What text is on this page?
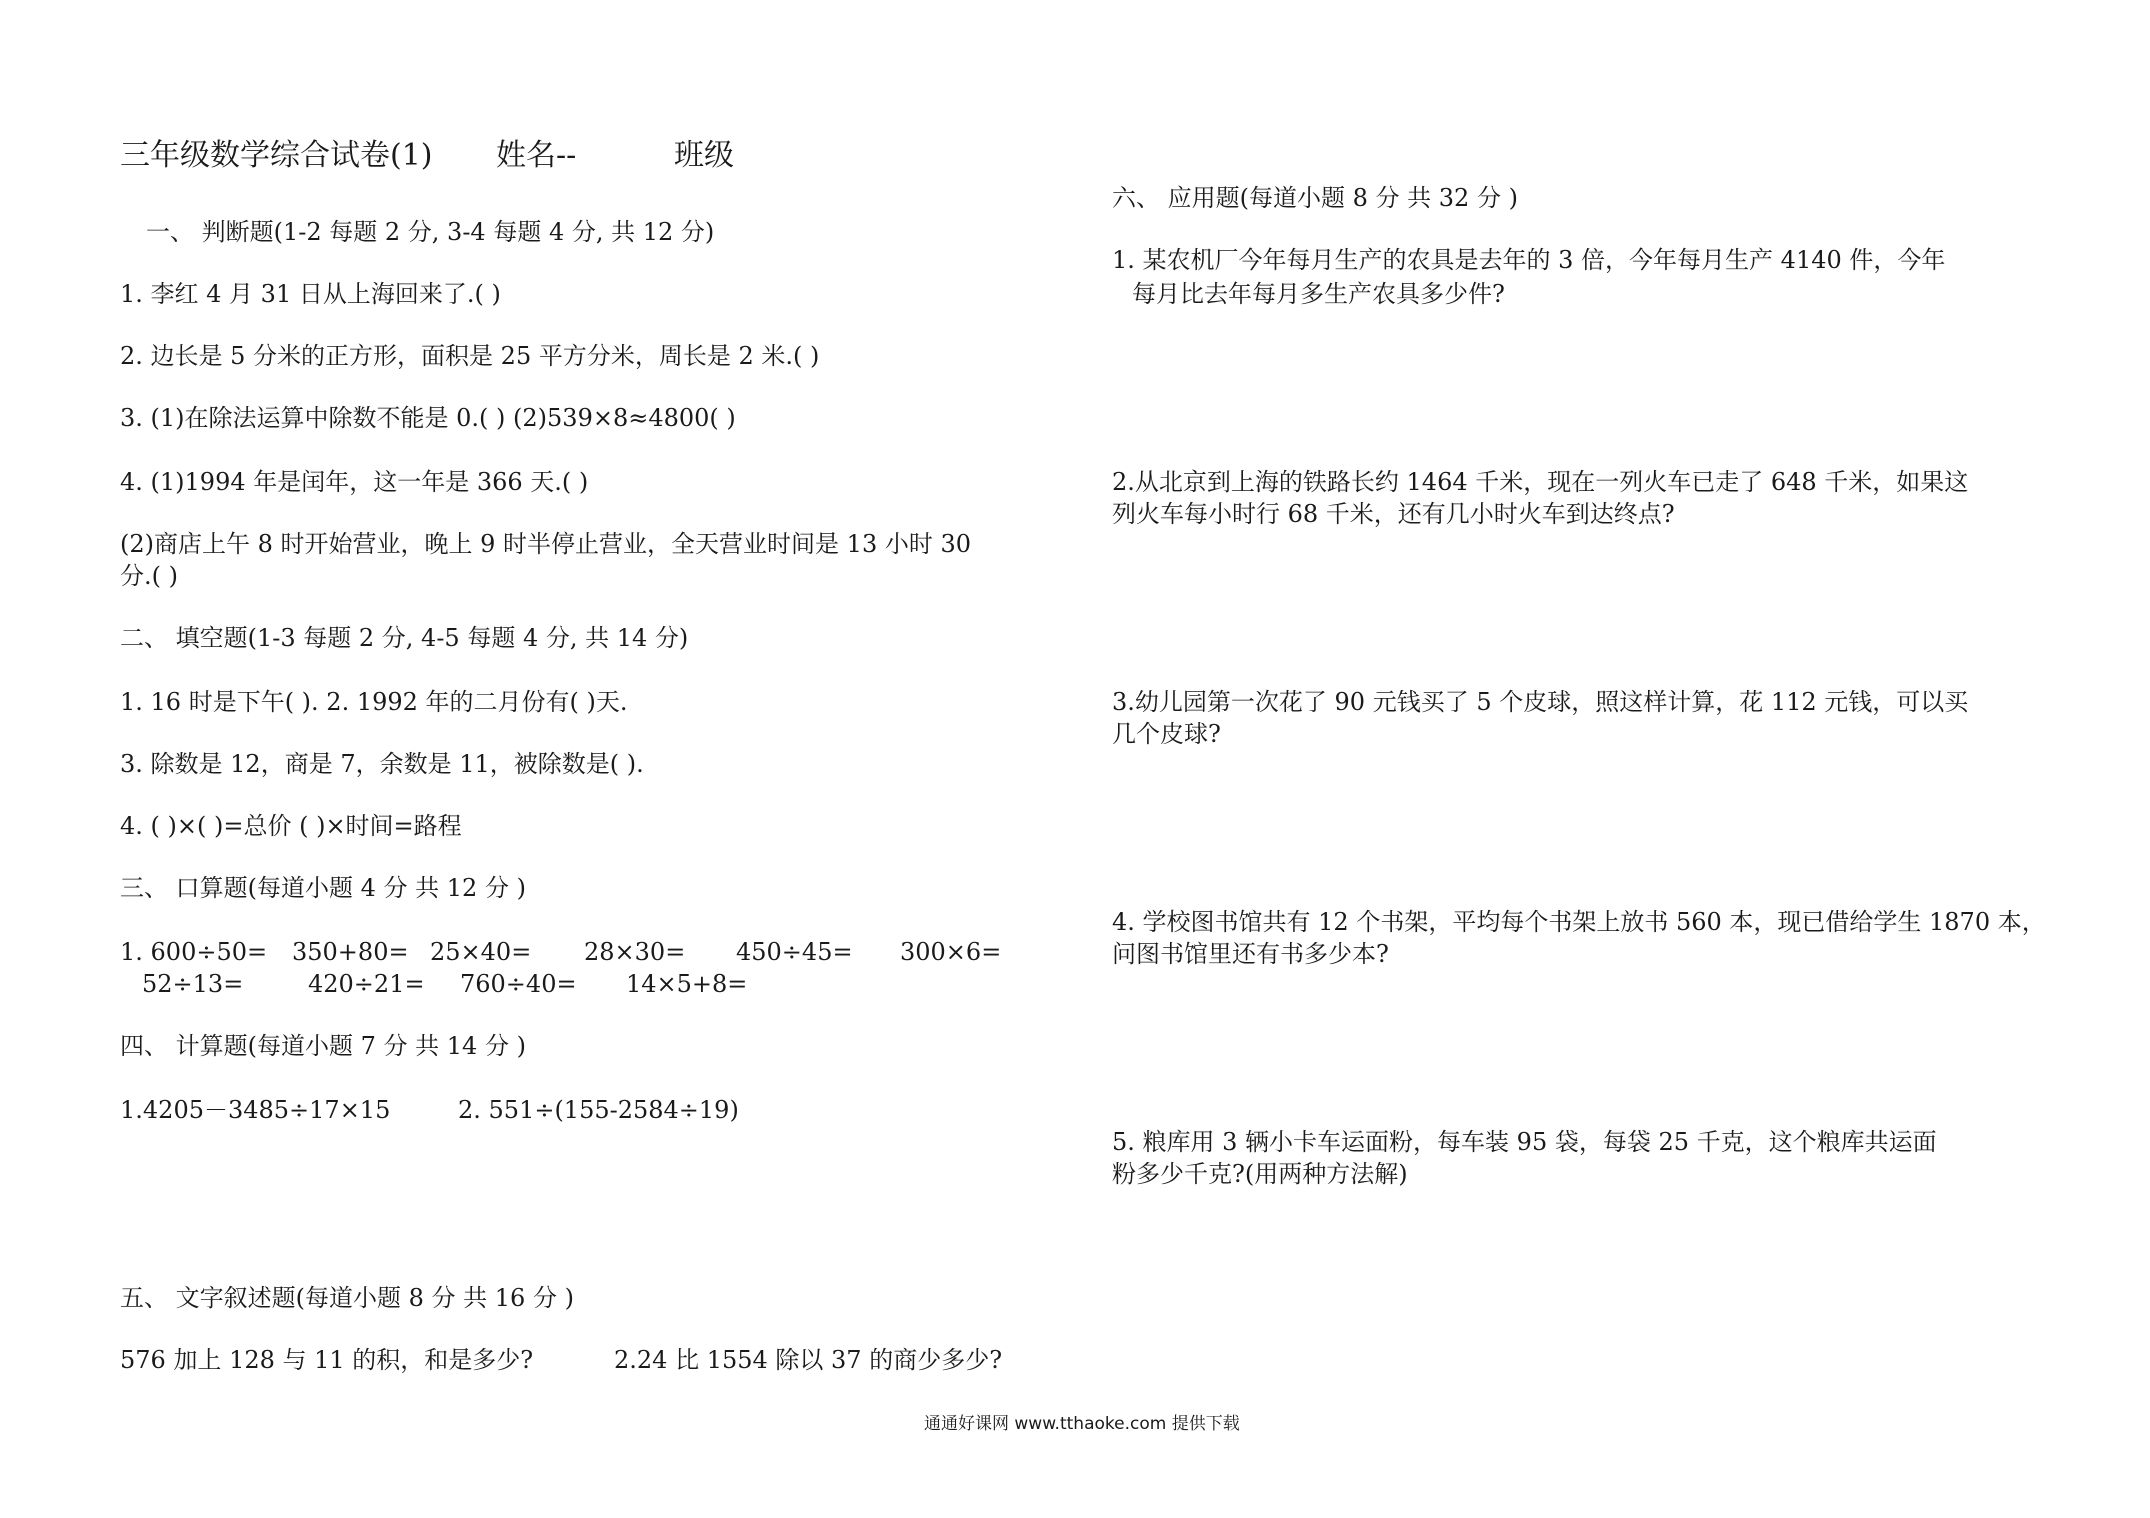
三年级数学综合试卷(1) 姓名--	班级
一、 判断题(1-2 每题 2 分, 3-4 每题 4 分, 共 12 分)
1. 李红 4 月 31 日从上海回来了.( )
2. 边长是 5 分米的正方形，面积是 25 平方分米，周长是 2 米.( )
3. (1)在除法运算中除数不能是 0.( ) (2)539×8≈4800( )
4. (1)1994 年是闰年，这一年是 366 天.( )
(2)商店上午 8 时开始营业，晚上 9 时半停止营业，全天营业时间是 13 小时 30
分.( )
二、 填空题(1-3 每题 2 分, 4-5 每题 4 分, 共 14 分)
1. 16 时是下午( ). 2. 1992 年的二月份有( )天.
3. 除数是 12，商是 7，余数是 11，被除数是( ).
4. ( )×( )=总价 ( )×时间=路程
三、 口算题(每道小题 4 分 共 12 分 )
1. 600÷50= 350+80= 25×40= 28×30= 450÷45= 300×6=
52÷13=	420÷21= 760÷40= 14×5+8=
四、 计算题(每道小题 7 分 共 14 分 )
1.4205－3485÷17×15	2. 551÷(155-2584÷19)
五、 文字叙述题(每道小题 8 分 共 16 分 )
576 加上 128 与 11 的积，和是多少?	2.24 比 1554 除以 37 的商少多少?
六、 应用题(每道小题 8 分 共 32 分 )
1. 某农机厂今年每月生产的农具是去年的 3 倍，今年每月生产 4140 件，今年
每月比去年每月多生产农具多少件?
2.从北京到上海的铁路长约 1464 千米，现在一列火车已走了 648 千米，如果这
列火车每小时行 68 千米，还有几小时火车到达终点?
3.幼儿园第一次花了 90 元钱买了 5 个皮球，照这样计算，花 112 元钱，可以买
几个皮球?
4. 学校图书馆共有 12 个书架，平均每个书架上放书 560 本，现已借给学生 1870 本，
问图书馆里还有书多少本?
5. 粮库用 3 辆小卡车运面粉，每车装 95 袋，每袋 25 千克，这个粮库共运面
粉多少千克?(用两种方法解)
通通好课网 www.tthaoke.com 提供下载
